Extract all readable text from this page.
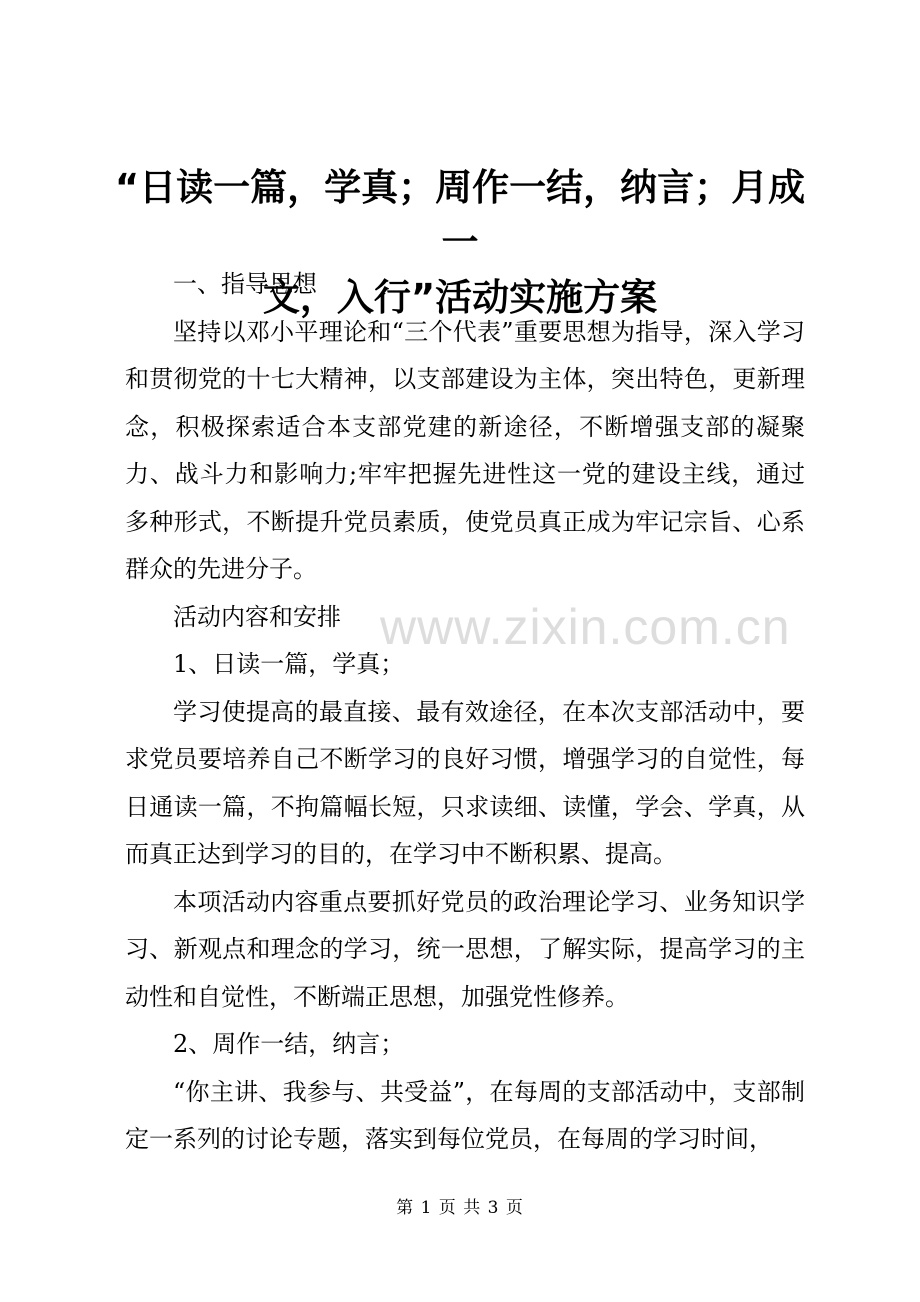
“日读一篇，学真；周作一结，纳言；月成一
文，入行”活动实施方案

一、指导思想

坚持以邓小平理论和“三个代表”重要思想为指导，深入学习和贯彻党的十七大精神，以支部建设为主体，突出特色，更新理念，积极探索适合本支部党建的新途径，不断增强支部的凝聚力、战斗力和影响力;牢牢把握先进性这一党的建设主线，通过多种形式，不断提升党员素质，使党员真正成为牢记宗旨、心系群众的先进分子。

活动内容和安排

1、日读一篇，学真；

学习使提高的最直接、最有效途径，在本次支部活动中，要求党员要培养自己不断学习的良好习惯，增强学习的自觉性，每日通读一篇，不拘篇幅长短，只求读细、读懂，学会、学真，从而真正达到学习的目的，在学习中不断积累、提高。

本项活动内容重点要抓好党员的政治理论学习、业务知识学习、新观点和理念的学习，统一思想，了解实际，提高学习的主动性和自觉性，不断端正思想，加强党性修养。

2、周作一结，纳言；

“你主讲、我参与、共受益”，在每周的支部活动中，支部制定一系列的讨论专题，落实到每位党员，在每周的学习时间，

www.zixin.com.cn
第 1 页 共 3 页
